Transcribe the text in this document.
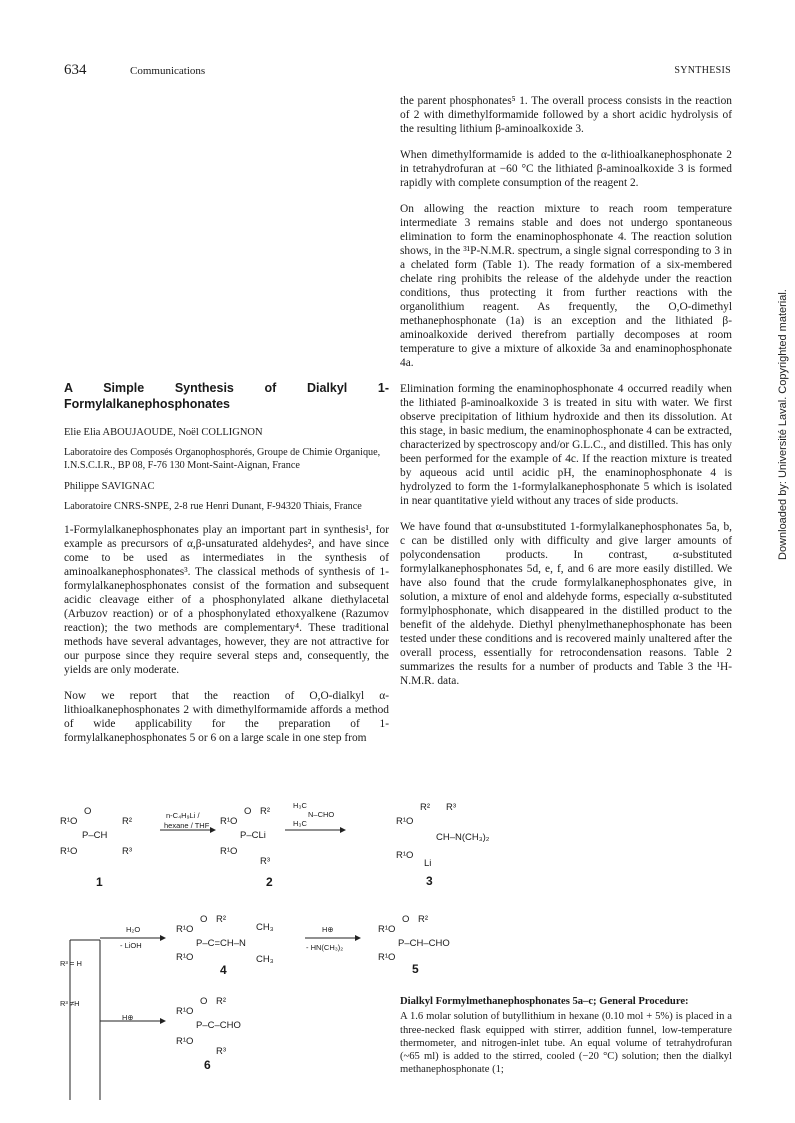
634	Communications	SYNTHESIS
Downloaded by: Université Laval. Copyrighted material.

the parent phosphonates⁵ 1. The overall process consists in the reaction of 2 with dimethylformamide followed by a short acidic hydrolysis of the resulting lithium β-aminoalkoxide 3.

When dimethylformamide is added to the α-lithioalkanephosphonate 2 in tetrahydrofuran at −60 °C the lithiated β-aminoalkoxide 3 is formed rapidly with complete consumption of the reagent 2.

On allowing the reaction mixture to reach room temperature intermediate 3 remains stable and does not undergo spontaneous elimination to form the enaminophosphonate 4. The reaction solution shows, in the ³¹P-N.M.R. spectrum, a single signal corresponding to 3 in a chelated form (Table 1). The ready formation of a six-membered chelate ring prohibits the release of the aldehyde under the reaction conditions, thus protecting it from further reactions with the organolithium reagent. As frequently, the O,O-dimethyl methanephosphonate (1a) is an exception and the lithiated β-aminoalkoxide derived therefrom partially decomposes at room temperature to give a mixture of alkoxide 3a and enaminophosphonate 4a.

Elimination forming the enaminophosphonate 4 occurred readily when the lithiated β-aminoalkoxide 3 is treated in situ with water. We first observe precipitation of lithium hydroxide and then its dissolution. At this stage, in basic medium, the enaminophosphonate 4 can be extracted, characterized by spectroscopy and/or G.L.C., and distilled. This has only been performed for the example of 4c. If the reaction mixture is treated by aqueous acid until acidic pH, the enaminophosphonate 4 is hydrolyzed to form the 1-formylalkanephosphonate 5 which is isolated in near quantitative yield without any traces of side products.

We have found that α-unsubstituted 1-formylalkanephosphonates 5a, b, c can be distilled only with difficulty and give larger amounts of polycondensation products. In contrast, α-substituted formylalkanephosphonates 5d, e, f, and 6 are more easily distilled. We have also found that the crude formylalkanephosphonates give, in solution, a mixture of enol and aldehyde forms, especially α-substituted formylphosphonate, which disappeared in the distilled product to the benefit of the aldehyde. Diethyl phenylmethanephosphonate has been tested under these conditions and is recovered mainly unaltered after the overall process, essentially for retrocondensation reasons. Table 2 summarizes the results for a number of products and Table 3 the ¹H-N.M.R. data.

A Simple Synthesis of Dialkyl 1-Formylalkanephosphonates
Elie Elia ABOUJAOUDE, Noël COLLIGNON
Laboratoire des Composés Organophosphorés, Groupe de Chimie Organique, I.N.S.C.I.R., BP 08, F-76 130 Mont-Saint-Aignan, France
Philippe SAVIGNAC
Laboratoire CNRS-SNPE, 2-8 rue Henri Dunant, F-94320 Thiais, France

1-Formylalkanephosphonates play an important part in synthesis¹, for example as precursors of α,β-unsaturated aldehydes², and have since come to be used as intermediates in the synthesis of aminoalkanephosphonates³. The classical methods of synthesis of 1-formylalkanephosphonates consist of the formation and subsequent acidic cleavage either of a phosphonylated alkane diethylacetal (Arbuzov reaction) or of a phosphonylated ethoxyalkene (Razumov reaction); the two methods are complementary⁴. These traditional methods have several advantages, however, they are not attractive for our purpose since they require several steps and, consequently, the yields are only moderate.

Now we report that the reaction of O,O-dialkyl α-lithioalkanephosphonates 2 with dimethylformamide affords a method of wide applicability for the preparation of 1-formylalkanephosphonates 5 or 6 on a large scale in one step from

R¹O
O
R²
P–CH
R¹O	R³
1
n-C₄H₉Li /
hexane / THF R¹O
O R²
P–CLi
R¹O
R³
2
H₃C
N–CHO
H₃C
R¹O
O R²
P–C=CH–N
CH₃
R¹O	CH₃
4
H₂O
- LiOH
H⊕
- HN(CH₃)₂
R³ = H
R³ ≠H
H⊕
R¹O
O R²
P–C–CHO
R¹O
R³
6
R¹O
R² R³
CH–N(CH₃)₂
R¹O
Li
3
R¹O
O R²
P–CH–CHO
R¹O
5
Dialkyl Formylmethanephosphonates 5a–c; General Procedure:
A 1.6 molar solution of butyllithium in hexane (0.10 mol + 5%) is placed in a three-necked flask equipped with stirrer, addition funnel, low-temperature thermometer, and nitrogen-inlet tube. An equal volume of tetrahydrofuran (~65 ml) is added to the stirred, cooled (−20 °C) solution; then the dialkyl methanephosphonate (1;
